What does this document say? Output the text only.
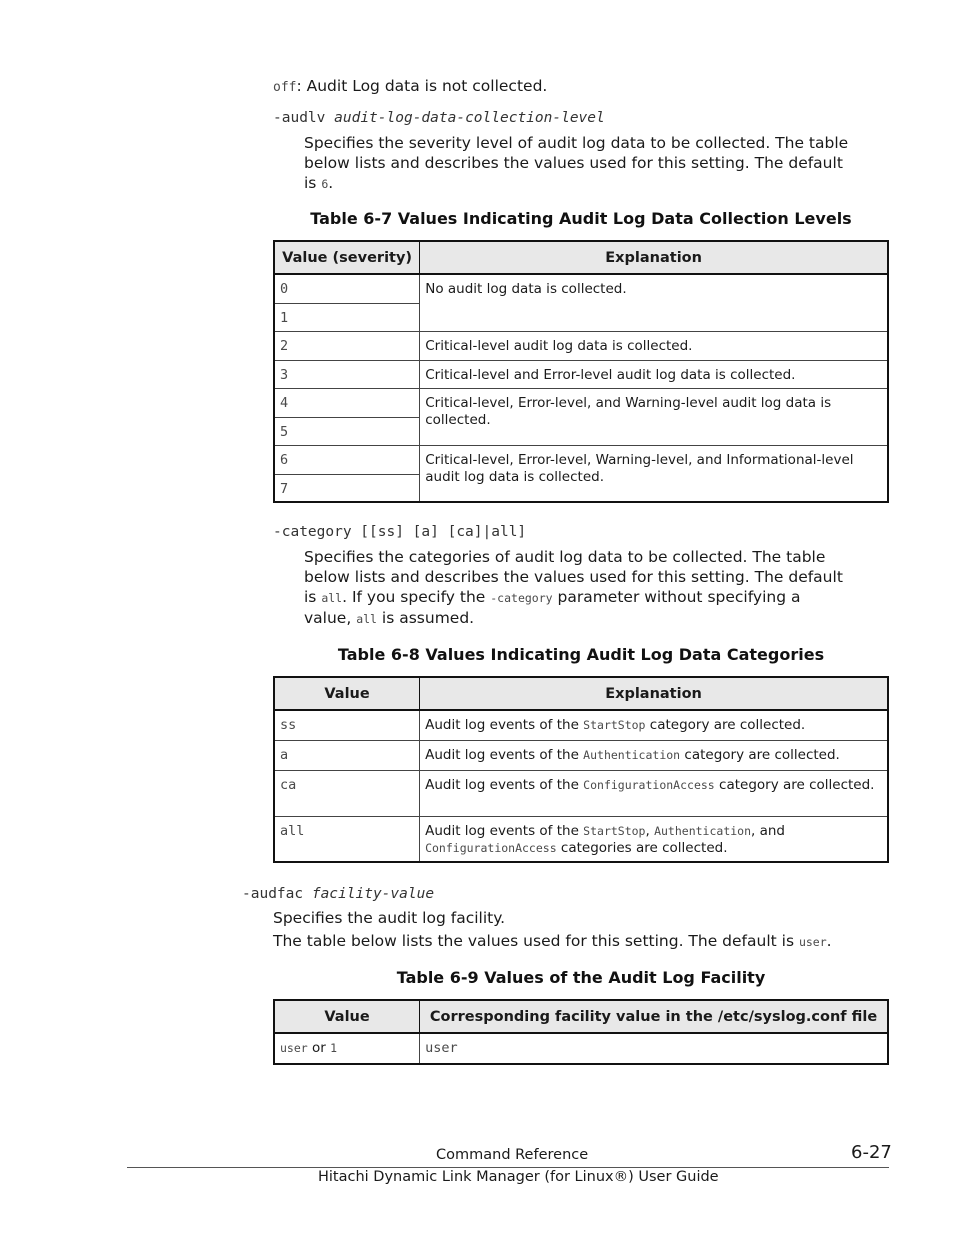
off: Audit Log data is not collected.
-audlv audit-log-data-collection-level
Specifies the severity level of audit log data to be collected. The table
below lists and describes the values used for this setting. The default
is 6.
Table 6-7 Values Indicating Audit Log Data Collection Levels
Value (severity)	Explanation
0	No audit log data is collected.
1	
2	Critical-level audit log data is collected.
3	Critical-level and Error-level audit log data is collected.
4	Critical-level, Error-level, and Warning-level audit log data is collected.
5	
6	Critical-level, Error-level, Warning-level, and Informational-level audit log data is collected.
7	
-category [[ss] [a] [ca]|all]
Specifies the categories of audit log data to be collected. The table
below lists and describes the values used for this setting. The default
is all. If you specify the -category parameter without specifying a
value, all is assumed.
Table 6-8 Values Indicating Audit Log Data Categories
Value	Explanation
ss	Audit log events of the StartStop category are collected.
a	Audit log events of the Authentication category are collected.
ca	Audit log events of the ConfigurationAccess category are collected.
all	Audit log events of the StartStop, Authentication, and ConfigurationAccess categories are collected.
-audfac facility-value
Specifies the audit log facility.
The table below lists the values used for this setting. The default is user.
Table 6-9 Values of the Audit Log Facility
Value	Corresponding facility value in the /etc/syslog.conf file
user or 1	user
Command Reference	6-27
Hitachi Dynamic Link Manager (for Linux®) User Guide
